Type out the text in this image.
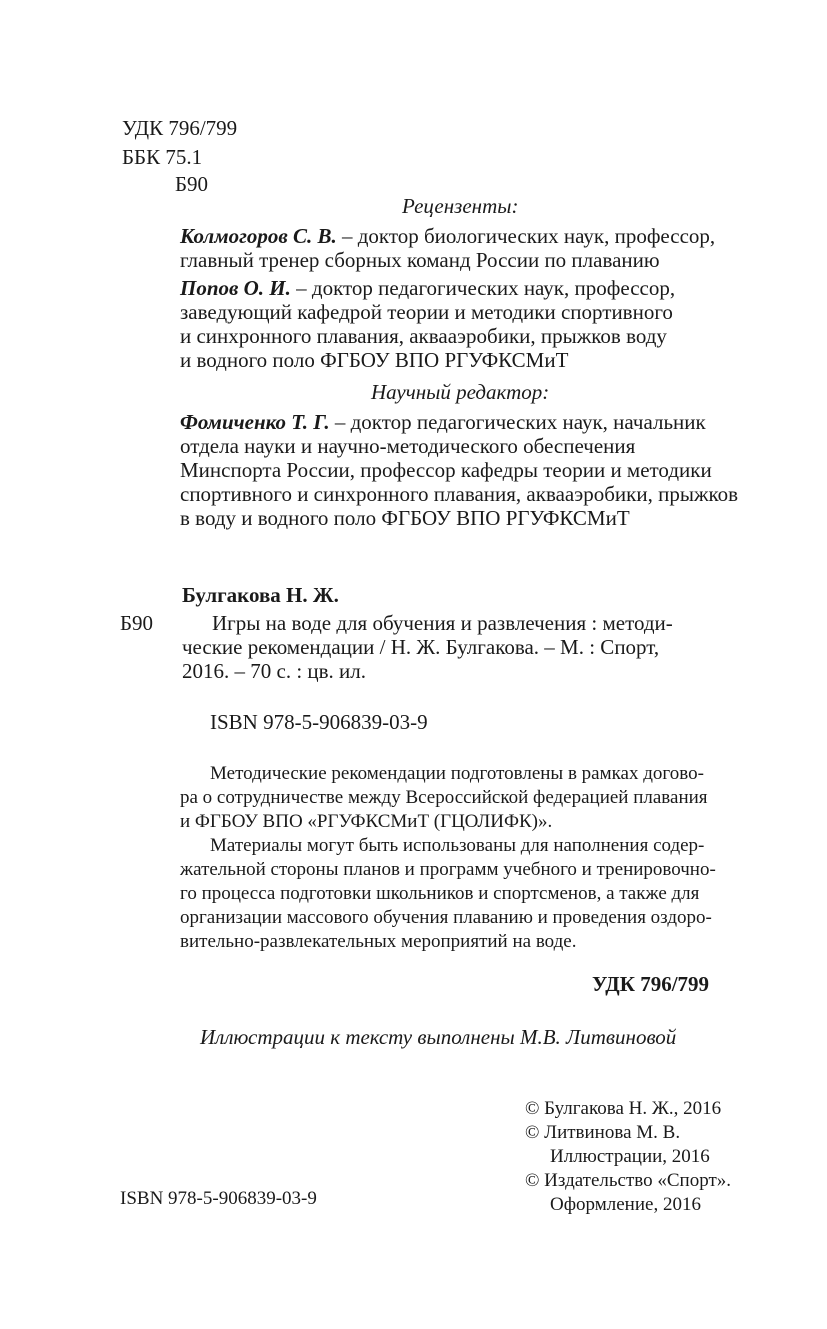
УДК 796/799
ББК 75.1
Б90
Рецензенты:
Колмогоров С. В. – доктор биологических наук, профессор,
главный тренер сборных команд России по плаванию
Попов О. И. – доктор педагогических наук, профессор,
заведующий кафедрой теории и методики спортивного
и синхронного плавания, аквааэробики, прыжков воду
и водного поло ФГБОУ ВПО РГУФКСМиТ
Научный редактор:
Фомиченко Т. Г. – доктор педагогических наук, начальник
отдела науки и научно-методического обеспечения
Минспорта России, профессор кафедры теории и методики
спортивного и синхронного плавания, аквааэробики, прыжков
в воду и водного поло ФГБОУ ВПО РГУФКСМиТ
Булгакова Н. Ж.
Б90	Игры на воде для обучения и развлечения : методи-
ческие рекомендации / Н. Ж. Булгакова. – М. : Спорт,
2016. – 70 с. : цв. ил.
ISBN 978-5-906839-03-9
Методические рекомендации подготовлены в рамках догово-
ра о сотрудничестве между Всероссийской федерацией плавания
и ФГБОУ ВПО «РГУФКСМиТ (ГЦОЛИФК)».
Материалы могут быть использованы для наполнения содер-
жательной стороны планов и программ учебного и тренировочно-
го процесса подготовки школьников и спортсменов, а также для
организации массового обучения плаванию и проведения оздоро-
вительно-развлекательных мероприятий на воде.
УДК 796/799
Иллюстрации к тексту выполнены М.В. Литвиновой
© Булгакова Н. Ж., 2016
© Литвинова М. В.
Иллюстрации, 2016
© Издательство «Спорт».
Оформление, 2016
ISBN 978-5-906839-03-9
